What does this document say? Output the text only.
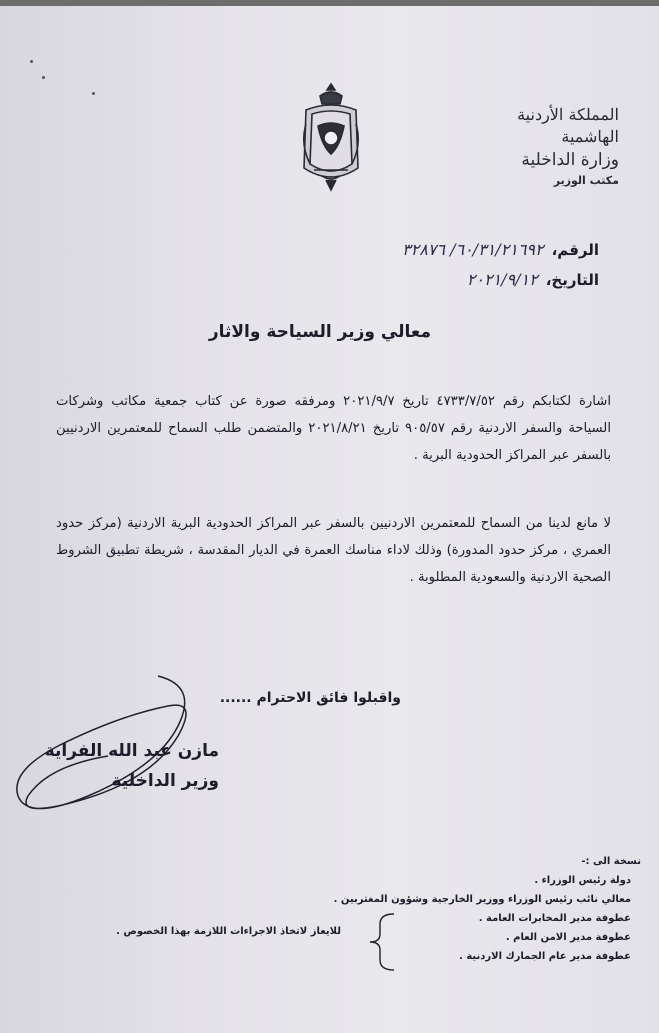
المملكة الأردنية الهاشمية
وزارة الداخلية
مكتب الوزير
الرقم،
٦٠/٣١/٢١٦٩٢/ ٣٢٨٧٦
التاريخ،
٢٠٢١/٩/١٢
معالي وزير السياحة والاثار
اشارة لكتابكم رقم ٤٧٣٣/٧/٥٢ تاريخ ٢٠٢١/٩/٧ ومرفقه صورة عن كتاب جمعية مكاتب وشركات السياحة والسفر الاردنية رقم ٩٠٥/٥٧ تاريخ ٢٠٢١/٨/٢١ والمتضمن طلب السماح للمعتمرين الاردنيين بالسفر عبر المراكز الحدودية البرية .
لا مانع لدينا من السماح للمعتمرين الاردنيين بالسفر عبر المراكز الحدودية البرية الاردنية (مركز حدود العمري ، مركز حدود المدورة) وذلك لاداء مناسك العمرة في الديار المقدسة ، شريطة تطبيق الشروط الصحية الاردنية والسعودية المطلوبة .
واقبلوا فائق الاحترام ......
مازن عبد الله الفراية
وزير الداخلية
نسخة الى :-
دولة رئيس الوزراء .
معالي نائب رئيس الوزراء ووزير الخارجية وشؤون المغتربين .
عطوفة مدير المخابرات العامة .
عطوفة مدير الامن العام .
عطوفة مدير عام الجمارك الاردنية .
للايعاز لاتخاذ الاجراءات اللازمة بهذا الخصوص .
